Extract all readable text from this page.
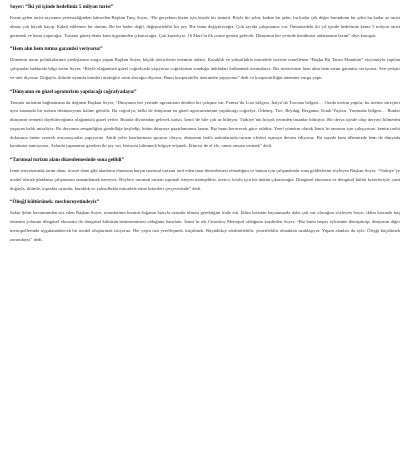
Soyer: “İki yıl içinde hedefimiz 5 milyon turist”

Kente gelen turist sayısının yetersizliğinden bahseden Başkan Tunç Soyer, “Bu gerçekten bizim için büyük bir üzüntü. Böyle bir şehir, kadim bir şehir, bu kadar çok değer barındıran bir şehir bu kadar az turist almaz çok büyük kayıp. Kabul edilemez bir durum. Bu bir kader değil, değiştirilebilir bir şey. Biz bunu değiştireceğiz. Çok sayıda çalışmamız var. Önümüzdeki iki yıl içinde hedefimiz kente 5 milyon turist getirmek ve bunu yapacağız. Turizmi güneş deniz kum üçgeninden çıkartacağız. Çok kararlıyız. 16 Mart’ta ilk cruise gemisi gelecek. Dünyanın her yerinde kendimizi anlatmanın lazım” diye konuştu.

“Hem alın hem tutma garantisi veriyoruz”

Dönemin tarım politikalarının yanlışlarına vurgu yapan Başkan Soyer, küçük üreticilerin önemini anlattı. Kuraklık ve yoksullukla mücadele üzerine temellenen “Başka Bir Tarım Mümkün” vizyonuyla yapılan çalışmalar hakkında bilgi veren Soyer, “Böyle olağanüstü güzel coğrafyada yaşıyoruz coğrafyanın sunduğu imkânları kullanmak zorundayız. Biz üreticimize hem alım hem satım garantisi veriyoruz. Sen yetiştir ve üret diyoruz. Doğayla, iklimle uyumlu ürünleri ürettiğice satın alacağız diyoruz. Bunu kooperatifler üzerinden yapıyoruz” dedi ve kooperatifliğin önemine vurgu yaptı.

“Dünyanın en güzel agroturizm yapılacağı coğrafyadayız”

Tarımla turizmin bağlantısına da değinen Başkan Soyer, “Dünyanın her yerinde agroturizm denilen bir çalışma var. Fransa’da Loar bölgesi, İtalya’da Toscana bölgesi… Orada üretim yapılır, bu üretim süreçleri aynı zamanda bir turizm destinasyonu haline getirilir. Bu coğrafya, belki de dünyanın en güzel agroturizminin yapılacağı coğrafya. Ödemiş, Tire, Beydağ, Bergama, Kınık’Yayları, Yarımada bölgesi… Bunlar dünyanın cennetti diyebileceğimiz olağanüstü güzel yerler. Burada diyarından gelecek turisti, İzmir’de bile çok az bilinyor. Türkiye’nin birçok yerinden insanlar bilmiyor. Bir derya içinde olup deryayı bilmeden yaşayan balık misaliyiz. Bu deryanın zenginliğini gözdelliğe keşfedip, bütün dünyaya pazarlamamız lazım. Biz bunu becerecek güce sahibiz. Yerel yönetim olarak İzmir’in tanıtımı için çalışıyoruz, kentin tarihi dokusuna önem vererek restorasyonlar yapıyoruz. Antik yeler kazılarımıza sponsor oluyor, dünyanın farklı noktalarında turizm ofisleri açmaya devam ediyoruz. Bu sayede hem ülkemizde hem de dünyada kentimizi tanıtıyoruz. Aslında yapmamız gereken iki şey var, birincisi bilinmedi bilgiye erişmek. İkincisi de el ele, omuz omuza vermek” dedi.

“Tarımsal turizm alanı düzenlemesinde sona gelildi”

İzmir mevzuatında tarım alanı, ticaret alanı gibi alanların olmasına karşın tarımsal turizmi tarif eden imar düzenlemesi olmadığını ve bunun için çalışmalarda sona geldiklerini söyleyen Başkan Soyer, “Türkiye’ye model olacak planlama çalışmasını tamamlamak üzereyiz. Böylece tarımsal turizm yapmak isteyen müteşebbis, üretici, köylü için bir imkân çıkartacağız. Döngüsel ekonomi ve döngüsel kültür kriterleriyle, yani doğayla, iklimle, toprakla uyumlu, kuraklık ve yoksullukla mücadele etme kriterleri çerçevesinde” dedi.

“Öleşği kültürünek: mecburuyetindeyiz”

Sakin Şehir kavramından söz eden Başkan Soyer, insanlarının hızının doğanın hızıyla uyumlu olması gerektiğini ifade etti. İklim krizinin hayatımızda daha çok var olacağını söyleyen Soyer, iklim krizinde baş etmenin yolunun döngüsel ekonomi ile döngüsel kültürün benimsenmesi olduğunu hatırlattı. İzmir’in tek Cittaslow Metropol olduğunu kaydeden Soyer, “Biz bunu başarı öyküsüne dönüştürüp, dünyanın diğer metropollerinde uygulanabilecek bir model oluşturmak istiyoruz. Her yeşin özü yerelleşmek, küçülmek. Büyüdükçe sürdürülebilir, yönetilebilir olmaktan uzaklaşıyor. Yaşam alanları da öyle. Öleşği küçültmek zorundayız” dedi.
